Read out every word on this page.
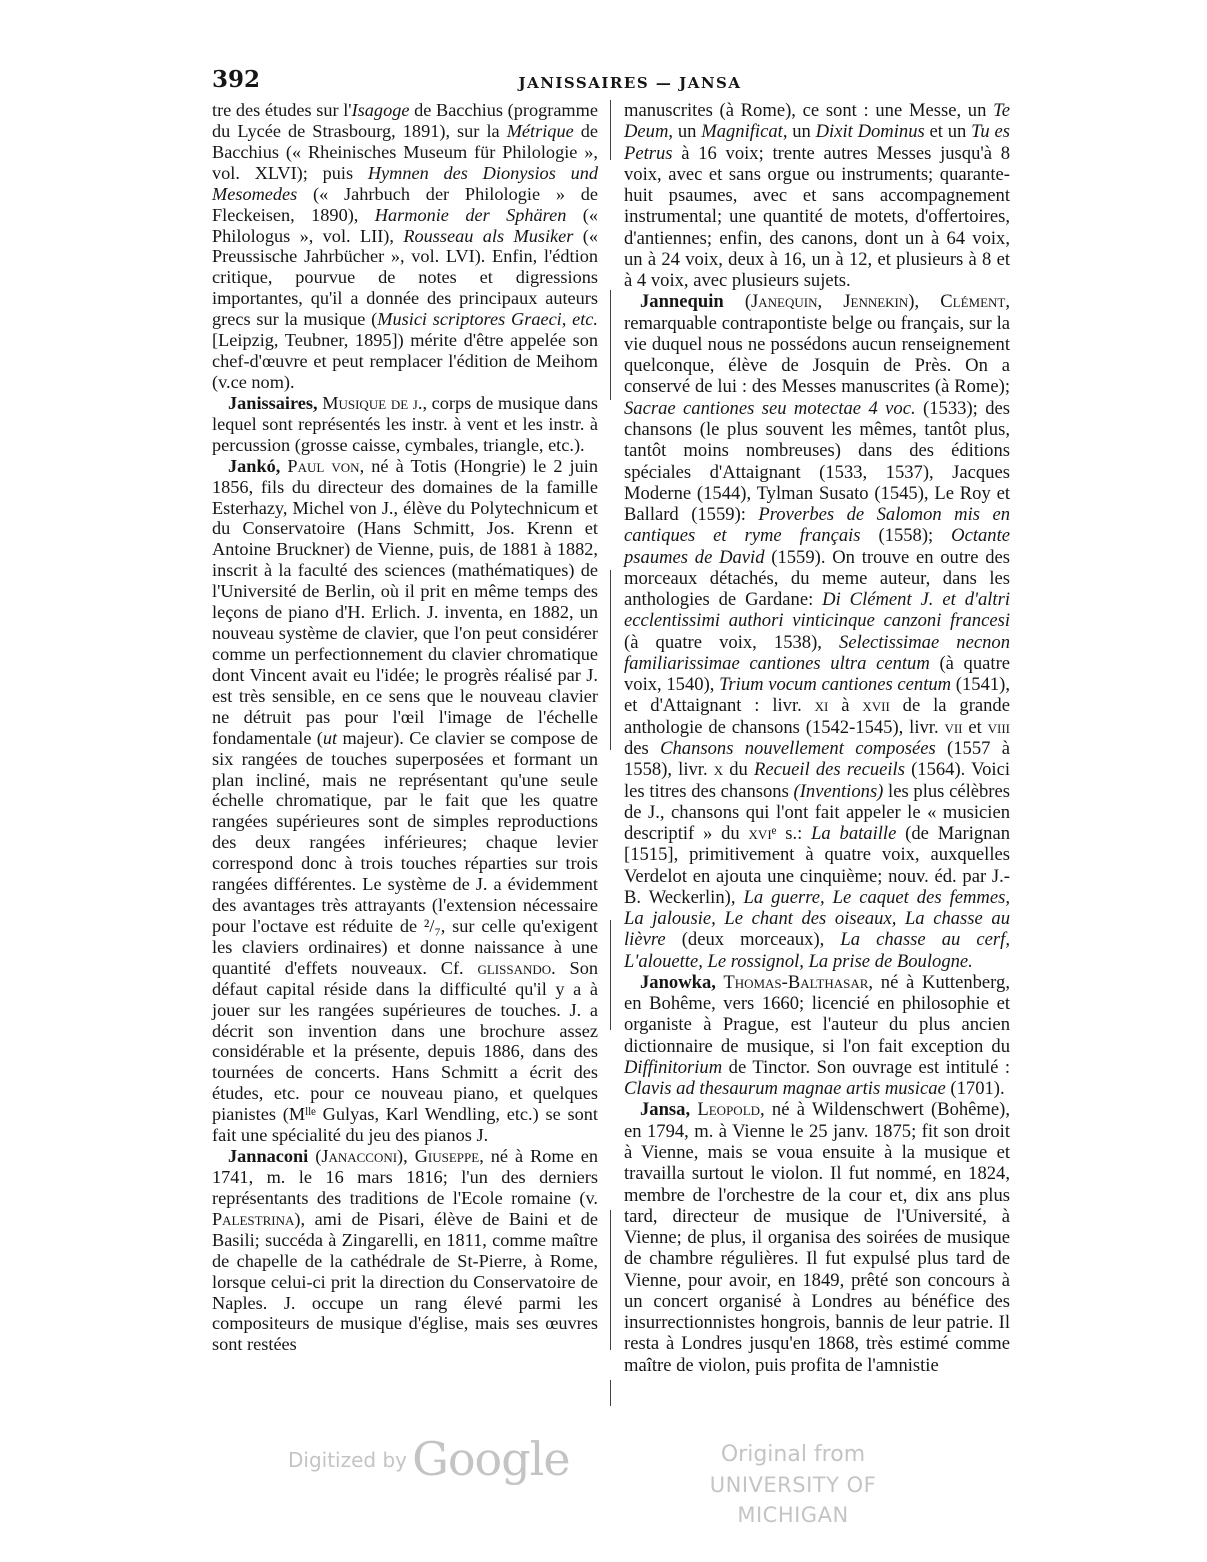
392	JANISSAIRES — JANSA

tre des études sur l'Isagoge de Bacchius (programme du Lycée de Strasbourg, 1891), sur la Métrique de Bacchius (« Rheinisches Museum für Philologie », vol. XLVI); puis Hymnen des Dionysios und Mesomedes (« Jahrbuch der Philologie » de Fleckeisen, 1890), Harmonie der Sphären (« Philologus », vol. LII), Rousseau als Musiker (« Preussische Jahrbücher », vol. LVI). Enfin, l'édtion critique, pourvue de notes et digressions importantes, qu'il a donnée des principaux auteurs grecs sur la musique (Musici scriptores Graeci, etc. [Leipzig, Teubner, 1895]) mérite d'être appelée son chef-d'œuvre et peut remplacer l'édition de Meihom (v.ce nom).

Janissaires, Musique de j., corps de musique dans lequel sont représentés les instr. à vent et les instr. à percussion (grosse caisse, cymbales, triangle, etc.).

Jankó, Paul von, né à Totis (Hongrie) le 2 juin 1856, fils du directeur des domaines de la famille Esterhazy, Michel von J., élève du Polytechnicum et du Conservatoire (Hans Schmitt, Jos. Krenn et Antoine Bruckner) de Vienne, puis, de 1881 à 1882, inscrit à la faculté des sciences (mathématiques) de l'Université de Berlin, où il prit en même temps des leçons de piano d'H. Erlich. J. inventa, en 1882, un nouveau système de clavier, que l'on peut considérer comme un perfectionnement du clavier chromatique dont Vincent avait eu l'idée; le progrès réalisé par J. est très sensible, en ce sens que le nouveau clavier ne détruit pas pour l'œil l'image de l'échelle fondamentale (ut majeur). Ce clavier se compose de six rangées de touches superposées et formant un plan incliné, mais ne représentant qu'une seule échelle chromatique, par le fait que les quatre rangées supérieures sont de simples reproductions des deux rangées inférieures; chaque levier correspond donc à trois touches réparties sur trois rangées différentes. Le système de J. a évidemment des avantages très attrayants (l'extension nécessaire pour l'octave est réduite de ²/₇, sur celle qu'exigent les claviers ordinaires) et donne naissance à une quantité d'effets nouveaux. Cf. glissando. Son défaut capital réside dans la difficulté qu'il y a à jouer sur les rangées supérieures de touches. J. a décrit son invention dans une brochure assez considérable et la présente, depuis 1886, dans des tournées de concerts. Hans Schmitt a écrit des études, etc. pour ce nouveau piano, et quelques pianistes (Mˡˡᵉ Gulyas, Karl Wendling, etc.) se sont fait une spécialité du jeu des pianos J.

Jannaconi (Janacconi), Giuseppe, né à Rome en 1741, m. le 16 mars 1816; l'un des derniers représentants des traditions de l'Ecole romaine (v. Palestrina), ami de Pisari, élève de Baini et de Basili; succéda à Zingarelli, en 1811, comme maître de chapelle de la cathédrale de St-Pierre, à Rome, lorsque celui-ci prit la direction du Conservatoire de Naples. J. occupe un rang élevé parmi les compositeurs de musique d'église, mais ses œuvres sont restées

manuscrites (à Rome), ce sont : une Messe, un Te Deum, un Magnificat, un Dixit Dominus et un Tu es Petrus à 16 voix; trente autres Messes jusqu'à 8 voix, avec et sans orgue ou instruments; quarante-huit psaumes, avec et sans accompagnement instrumental; une quantité de motets, d'offertoires, d'antiennes; enfin, des canons, dont un à 64 voix, un à 24 voix, deux à 16, un à 12, et plusieurs à 8 et à 4 voix, avec plusieurs sujets.

Jannequin (Janequin, Jennekin), Clément, remarquable contrapontiste belge ou français, sur la vie duquel nous ne possédons aucun renseignement quelconque, élève de Josquin de Près. On a conservé de lui : des Messes manuscrites (à Rome); Sacrae cantiones seu motectae 4 voc. (1533); des chansons (le plus souvent les mêmes, tantôt plus, tantôt moins nombreuses) dans des éditions spéciales d'Attaignant (1533, 1537), Jacques Moderne (1544), Tylman Susato (1545), Le Roy et Ballard (1559): Proverbes de Salomon mis en cantiques et ryme français (1558); Octante psaumes de David (1559). On trouve en outre des morceaux détachés, du meme auteur, dans les anthologies de Gardane: Di Clément J. et d'altri ecclentissimi authori vinticinque canzoni francesi (à quatre voix, 1538), Selectissimae necnon familiarissimae cantiones ultra centum (à quatre voix, 1540), Trium vocum cantiones centum (1541), et d'Attaignant : livr. xi à xvii de la grande anthologie de chansons (1542-1545), livr. vii et viii des Chansons nouvellement composées (1557 à 1558), livr. x du Recueil des recueils (1564). Voici les titres des chansons (Inventions) les plus célèbres de J., chansons qui l'ont fait appeler le « musicien descriptif » du xviᵉ s.: La bataille (de Marignan [1515], primitivement à quatre voix, auxquelles Verdelot en ajouta une cinquième; nouv. éd. par J.-B. Weckerlin), La guerre, Le caquet des femmes, La jalousie, Le chant des oiseaux, La chasse au lièvre (deux morceaux), La chasse au cerf, L'alouette, Le rossignol, La prise de Boulogne.

Janowka, Thomas-Balthasar, né à Kuttenberg, en Bohême, vers 1660; licencié en philosophie et organiste à Prague, est l'auteur du plus ancien dictionnaire de musique, si l'on fait exception du Diffinitorium de Tinctor. Son ouvrage est intitulé : Clavis ad thesaurum magnae artis musicae (1701).

Jansa, Leopold, né à Wildenschwert (Bohême), en 1794, m. à Vienne le 25 janv. 1875; fit son droit à Vienne, mais se voua ensuite à la musique et travailla surtout le violon. Il fut nommé, en 1824, membre de l'orchestre de la cour et, dix ans plus tard, directeur de musique de l'Université, à Vienne; de plus, il organisa des soirées de musique de chambre régulières. Il fut expulsé plus tard de Vienne, pour avoir, en 1849, prêté son concours à un concert organisé à Londres au bénéfice des insurrectionnistes hongrois, bannis de leur patrie. Il resta à Londres jusqu'en 1868, très estimé comme maître de violon, puis profita de l'amnistie

Digitized by Google	Original from
UNIVERSITY OF MICHIGAN
